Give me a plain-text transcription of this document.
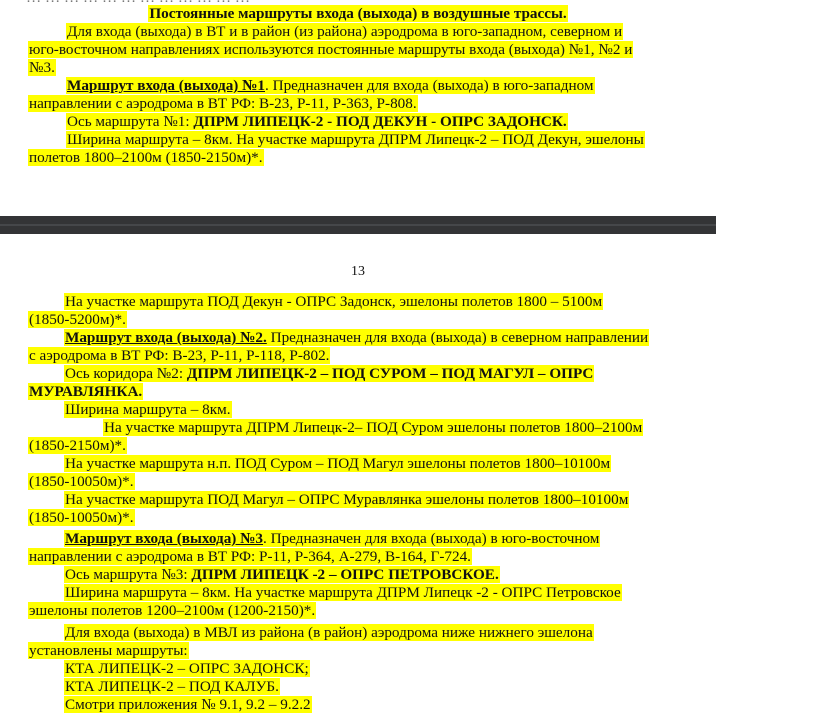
Постоянные маршруты входа (выхода) в воздушные трассы.
Для входа (выхода) в ВТ и в район (из района) аэродрома в юго-западном, северном и
юго-восточном направлениях используются постоянные маршруты входа (выхода) №1, №2 и
№3.
Маршрут входа (выхода) №1. Предназначен для входа (выхода) в юго-западном
направлении с аэродрома в ВТ РФ: В-23, Р-11, Р-363, Р-808.
Ось маршрута №1: ДПРМ ЛИПЕЦК-2 - ПОД ДЕКУН - ОПРС ЗАДОНСК.
Ширина маршрута – 8км. На участке маршрута ДПРМ Липецк-2 – ПОД Декун, эшелоны
полетов 1800–2100м (1850-2150м)*.
13
На участке маршрута ПОД Декун - ОПРС Задонск, эшелоны полетов 1800 – 5100м
(1850-5200м)*.
Маршрут входа (выхода) №2. Предназначен для входа (выхода) в северном направлении
с аэродрома в ВТ РФ: В-23, Р-11, Р-118, Р-802.
Ось коридора №2: ДПРМ ЛИПЕЦК-2 – ПОД СУРОМ – ПОД МАГУЛ – ОПРС
МУРАВЛЯНКА.
Ширина маршрута – 8км.
На участке маршрута ДПРМ Липецк-2– ПОД Суром эшелоны полетов 1800–2100м
(1850-2150м)*.
На участке маршрута н.п. ПОД Суром – ПОД Магул эшелоны полетов 1800–10100м
(1850-10050м)*.
На участке маршрута ПОД Магул – ОПРС Муравлянка эшелоны полетов 1800–10100м
(1850-10050м)*.
Маршрут входа (выхода) №3. Предназначен для входа (выхода) в юго-восточном
направлении с аэродрома в ВТ РФ: Р-11, Р-364, А-279, В-164, Г-724.
Ось маршрута №3: ДПРМ ЛИПЕЦК -2 – ОПРС ПЕТРОВСКОЕ.
Ширина маршрута – 8км. На участке маршрута ДПРМ Липецк -2 - ОПРС Петровское
эшелоны полетов 1200–2100м (1200-2150)*.
Для входа (выхода) в МВЛ из района (в район) аэродрома ниже нижнего эшелона
установлены маршруты:
КТА ЛИПЕЦК-2 – ОПРС ЗАДОНСК;
КТА ЛИПЕЦК-2 – ПОД КАЛУБ.
Смотри приложения № 9.1, 9.2 – 9.2.2
